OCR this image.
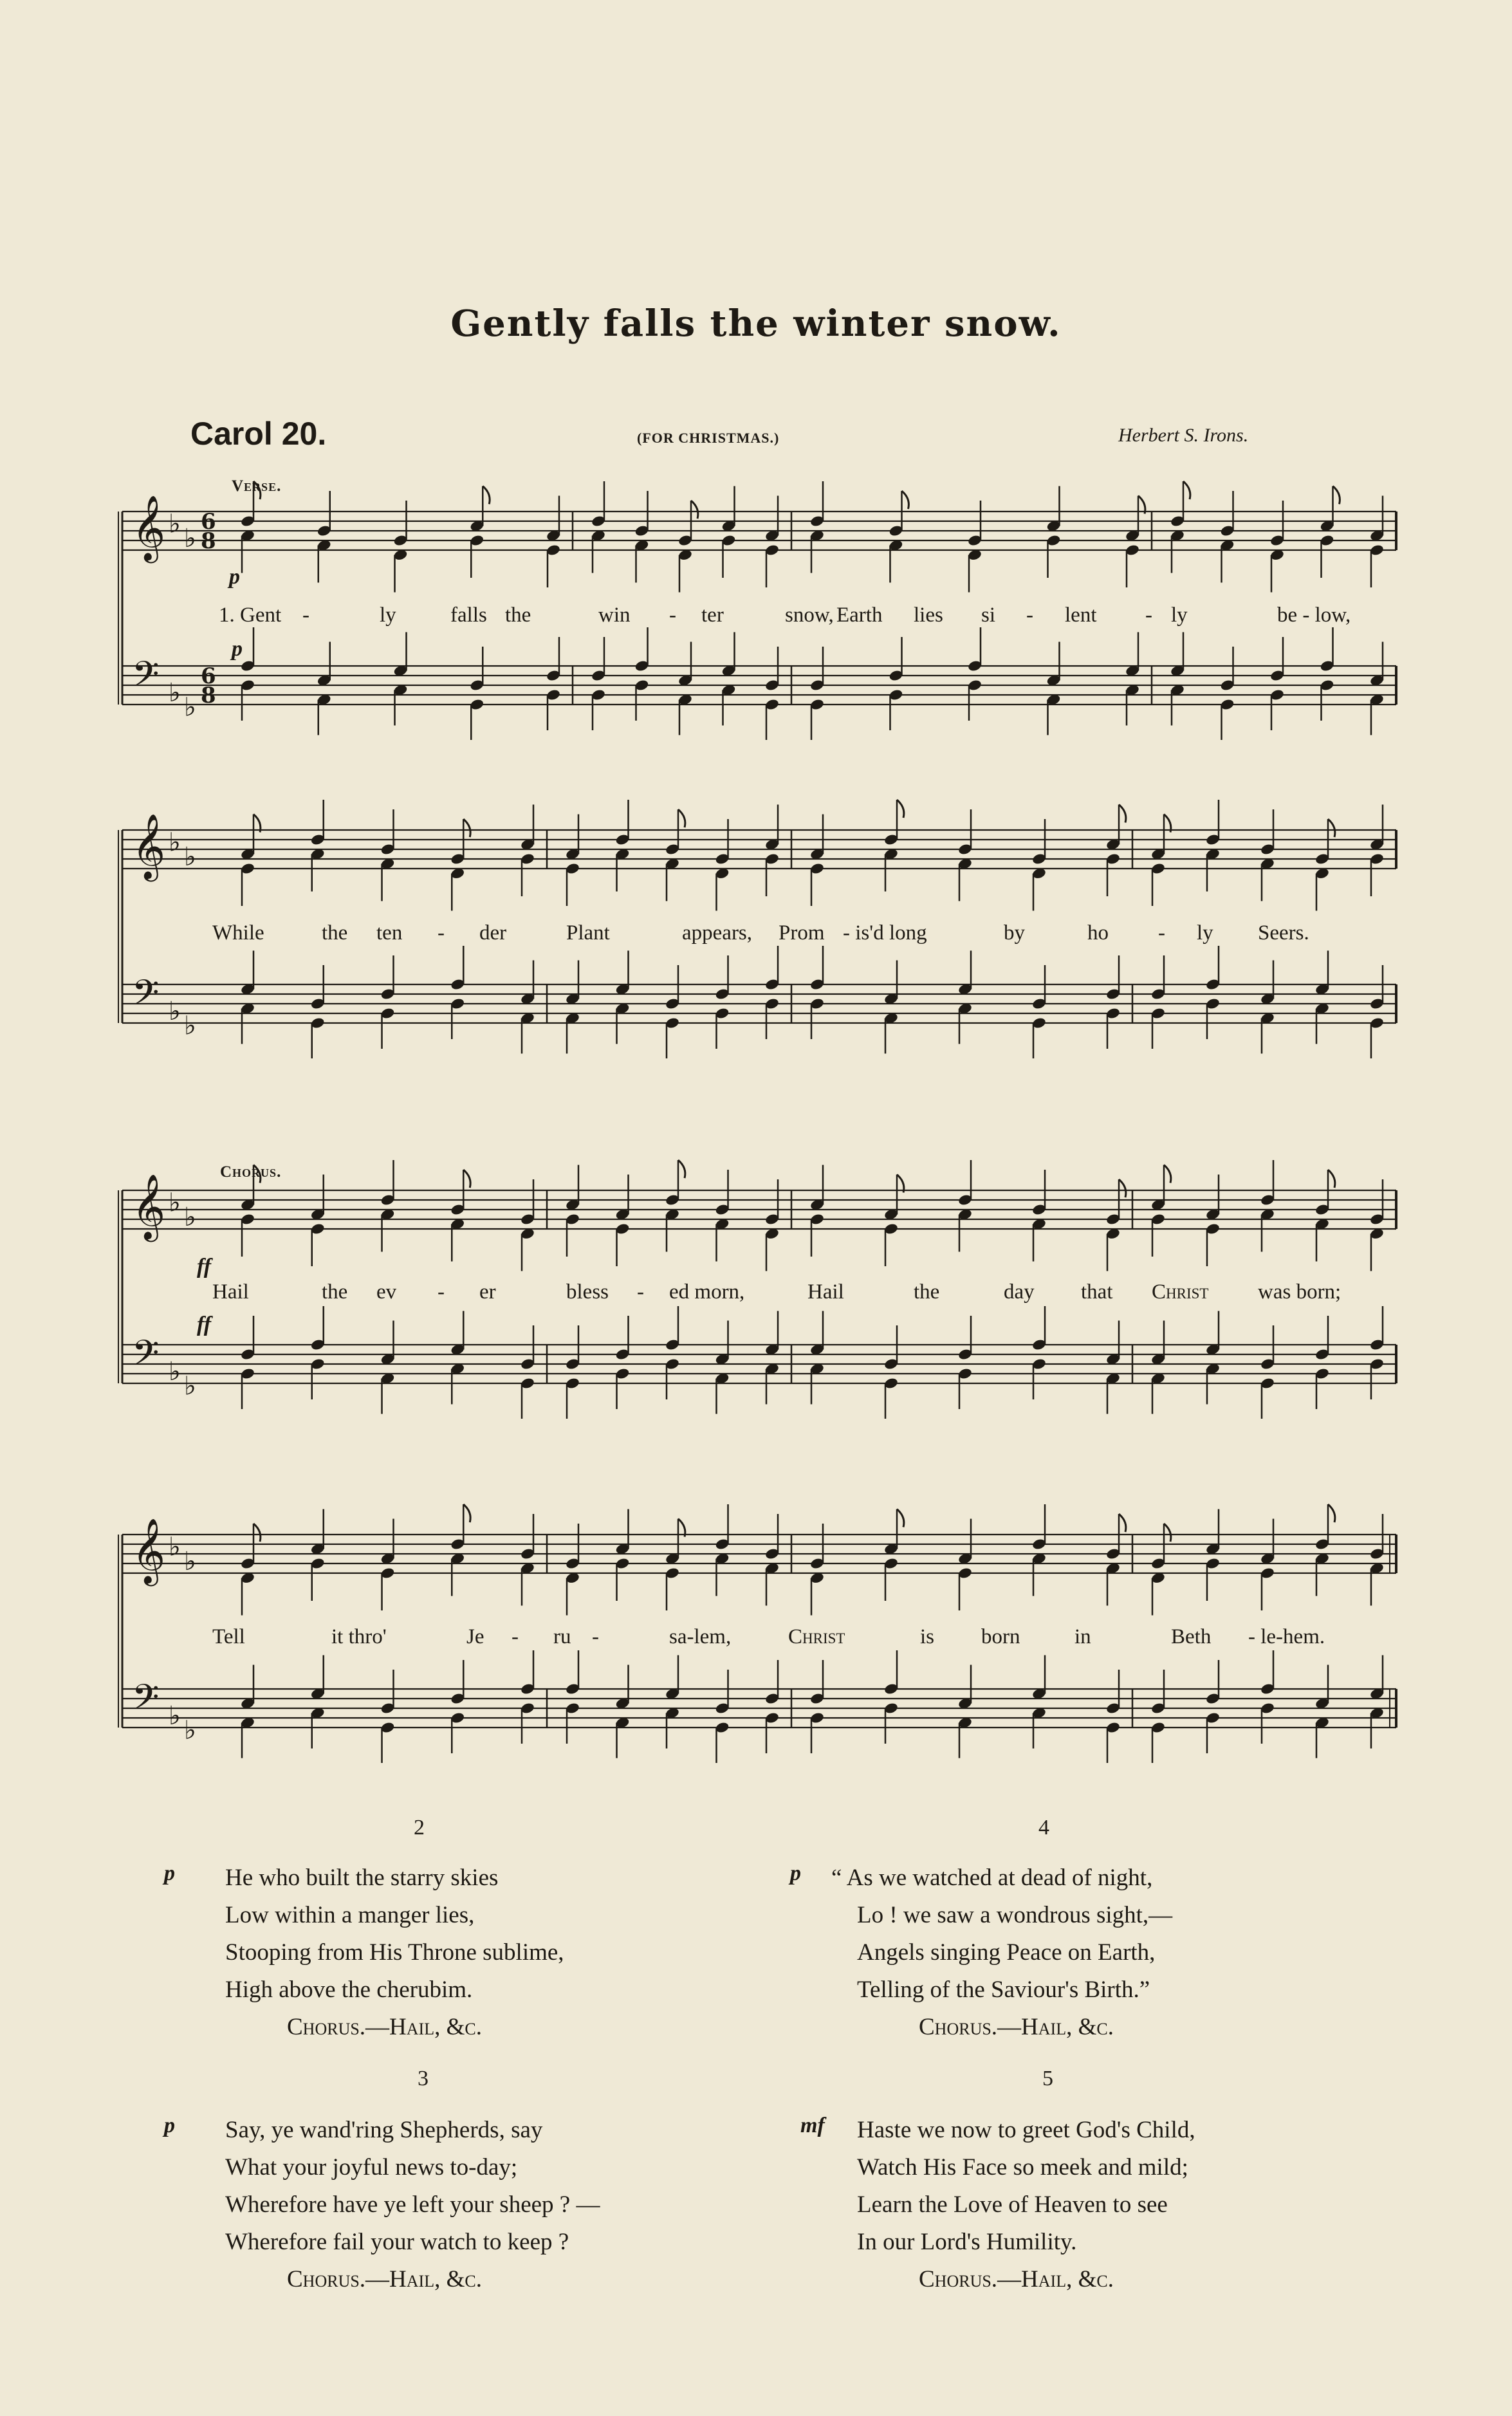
Gently falls the winter snow.
Carol 20.	(FOR CHRISTMAS.)	Herbert S. Irons.
𝄞
𝄢
♭ ♭
♭ ♭
6
8
6
8
𝄞
𝄢
♭ ♭
♭ ♭
𝄞
𝄢
♭ ♭
♭ ♭
𝄞
𝄢
♭ ♭
♭ ♭
Verse.
Chorus.
p
p
ff
ff
1. Gent -	ly	falls the	win - ter	snow, Earth lies si - lent - ly	be - low,
While	the ten - der	Plant	appears, Prom - is'd long	by	ho - ly Seers.
Hail	the ev - er	bless - ed morn,	Hail	the	day that Christ was born;
Tell	it thro'	Je - ru -	sa-lem,	Christ	is born	in	Beth - le-hem.
2
p He who built the starry skies
Low within a manger lies,
Stooping from His Throne sublime,
High above the cherubim.
Chorus.—Hail, &c.
3
p Say, ye wand'ring Shepherds, say
What your joyful news to-day;
Wherefore have ye left your sheep ? —
Wherefore fail your watch to keep ?
Chorus.—Hail, &c.
4
p “ As we watched at dead of night,
Lo ! we saw a wondrous sight,—
Angels singing Peace on Earth,
Telling of the Saviour's Birth.”
Chorus.—Hail, &c.
5
mf Haste we now to greet God's Child,
Watch His Face so meek and mild;
Learn the Love of Heaven to see
In our Lord's Humility.
Chorus.—Hail, &c.
